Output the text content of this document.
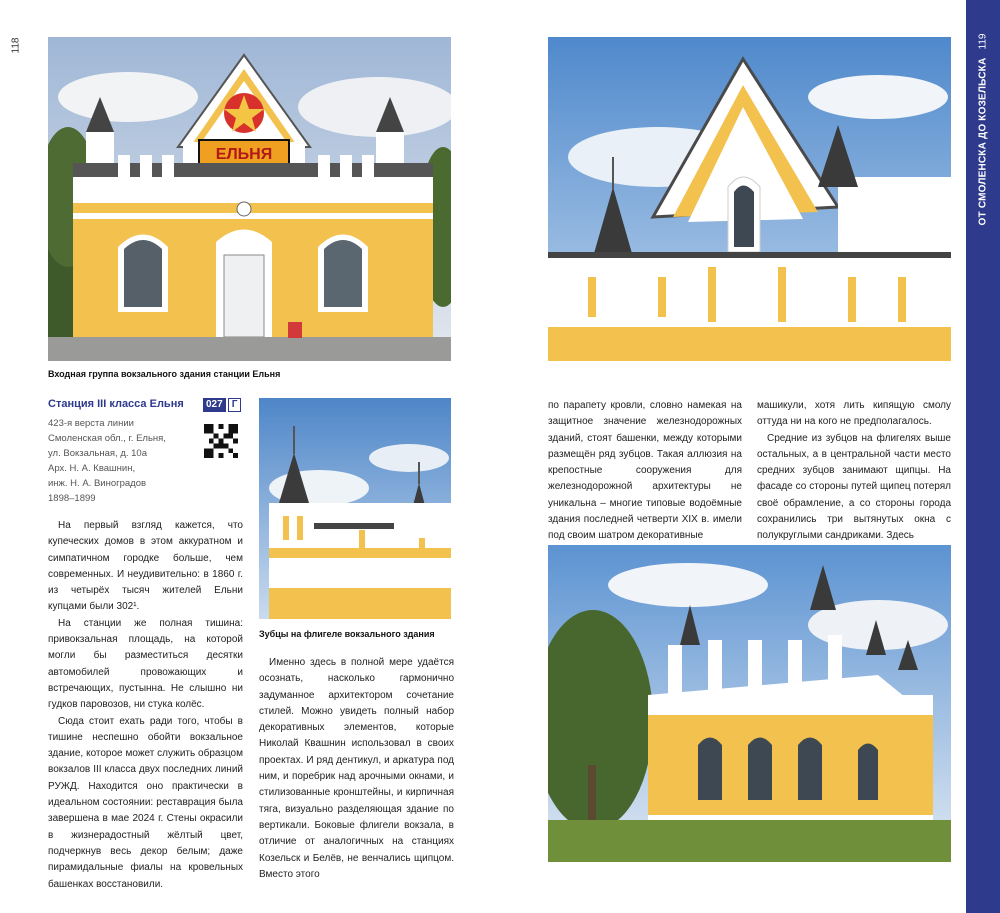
118	119
ОТ СМОЛЕНСКА ДО КОЗЕЛЬСКА
ЕЛЬНЯ
Входная группа вокзального здания станции Ельня
Станция III класса Ельня	027 Г
423-я верста линии
Смоленская обл., г. Ельня,
ул. Вокзальная, д. 10а
Арх. Н. А. Квашнин,
инж. Н. А. Виноградов
1898–1899
Зубцы на флигеле вокзального здания

На первый взгляд кажется, что купеческих домов в этом аккуратном и симпатичном городке больше, чем современных. И неудивительно: в 1860 г. из четырёх тысяч жителей Ельни купцами были 302¹.

На станции же полная тишина: привокзальная площадь, на которой могли бы разместиться десятки автомобилей провожающих и встречающих, пустынна. Не слышно ни гудков паровозов, ни стука колёс.

Сюда стоит ехать ради того, чтобы в тишине неспешно обойти вокзальное здание, которое может служить образцом вокзалов III класса двух последних линий РУЖД. Находится оно практически в идеальном состоянии: реставрация была завершена в мае 2024 г. Стены окрасили в жизнерадостный жёлтый цвет, подчеркнув весь декор белым; даже пирамидальные фиалы на кровельных башенках восстановили.

Именно здесь в полной мере удаётся осознать, насколько гармонично задуманное архитектором сочетание стилей. Можно увидеть полный набор декоративных элементов, которые Николай Квашнин использовал в своих проектах. И ряд дентикул, и аркатура под ним, и поребрик над арочными окнами, и стилизованные кронштейны, и кирпичная тяга, визуально разделяющая здание по вертикали. Боковые флигели вокзала, в отличие от аналогичных на станциях Козельск и Белёв, не венчались щипцом. Вместо этого

по парапету кровли, словно намекая на защитное значение железнодорожных зданий, стоят башенки, между которыми размещён ряд зубцов. Такая аллюзия на крепостные сооружения для железнодорожной архитектуры не уникальна – многие типовые водоёмные здания последней четверти XIX в. имели под своим шатром декоративные

машикули, хотя лить кипящую смолу оттуда ни на кого не предполагалось.

Средние из зубцов на флигелях выше остальных, а в центральной части место средних зубцов занимают щипцы. На фасаде со стороны путей щипец потерял своё обрамление, а со стороны города сохранились три вытянутых окна с полукруглыми сандриками. Здесь
